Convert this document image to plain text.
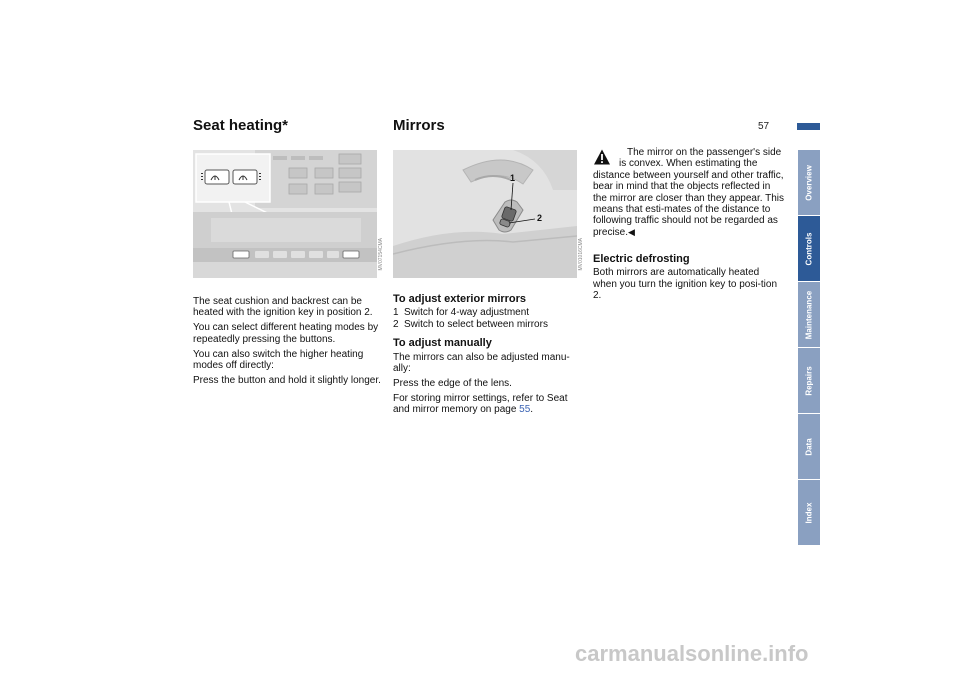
57
Seat heating*
MV07154CMA

The seat cushion and backrest can be heated with the ignition key in position 2.

You can select different heating modes by repeatedly pressing the buttons.

You can also switch the higher heating modes off directly:

Press the button and hold it slightly longer.

Mirrors
1
2
MV01016CMA
To adjust exterior mirrors
1 Switch for 4-way adjustment
2 Switch to select between mirrors
To adjust manually

The mirrors can also be adjusted manu-ally:

Press the edge of the lens.

For storing mirror settings, refer to Seat and mirror memory on page 55.

The mirror on the passenger's side is convex. When estimating the distance between yourself and other traffic, bear in mind that the objects reflected in the mirror are closer than they appear. This means that esti-mates of the distance to following traffic should not be regarded as precise.◀

Electric defrosting

Both mirrors are automatically heated when you turn the ignition key to posi-tion 2.

Overview
Controls
Maintenance
Repairs
Data
Index
carmanualsonline.info
